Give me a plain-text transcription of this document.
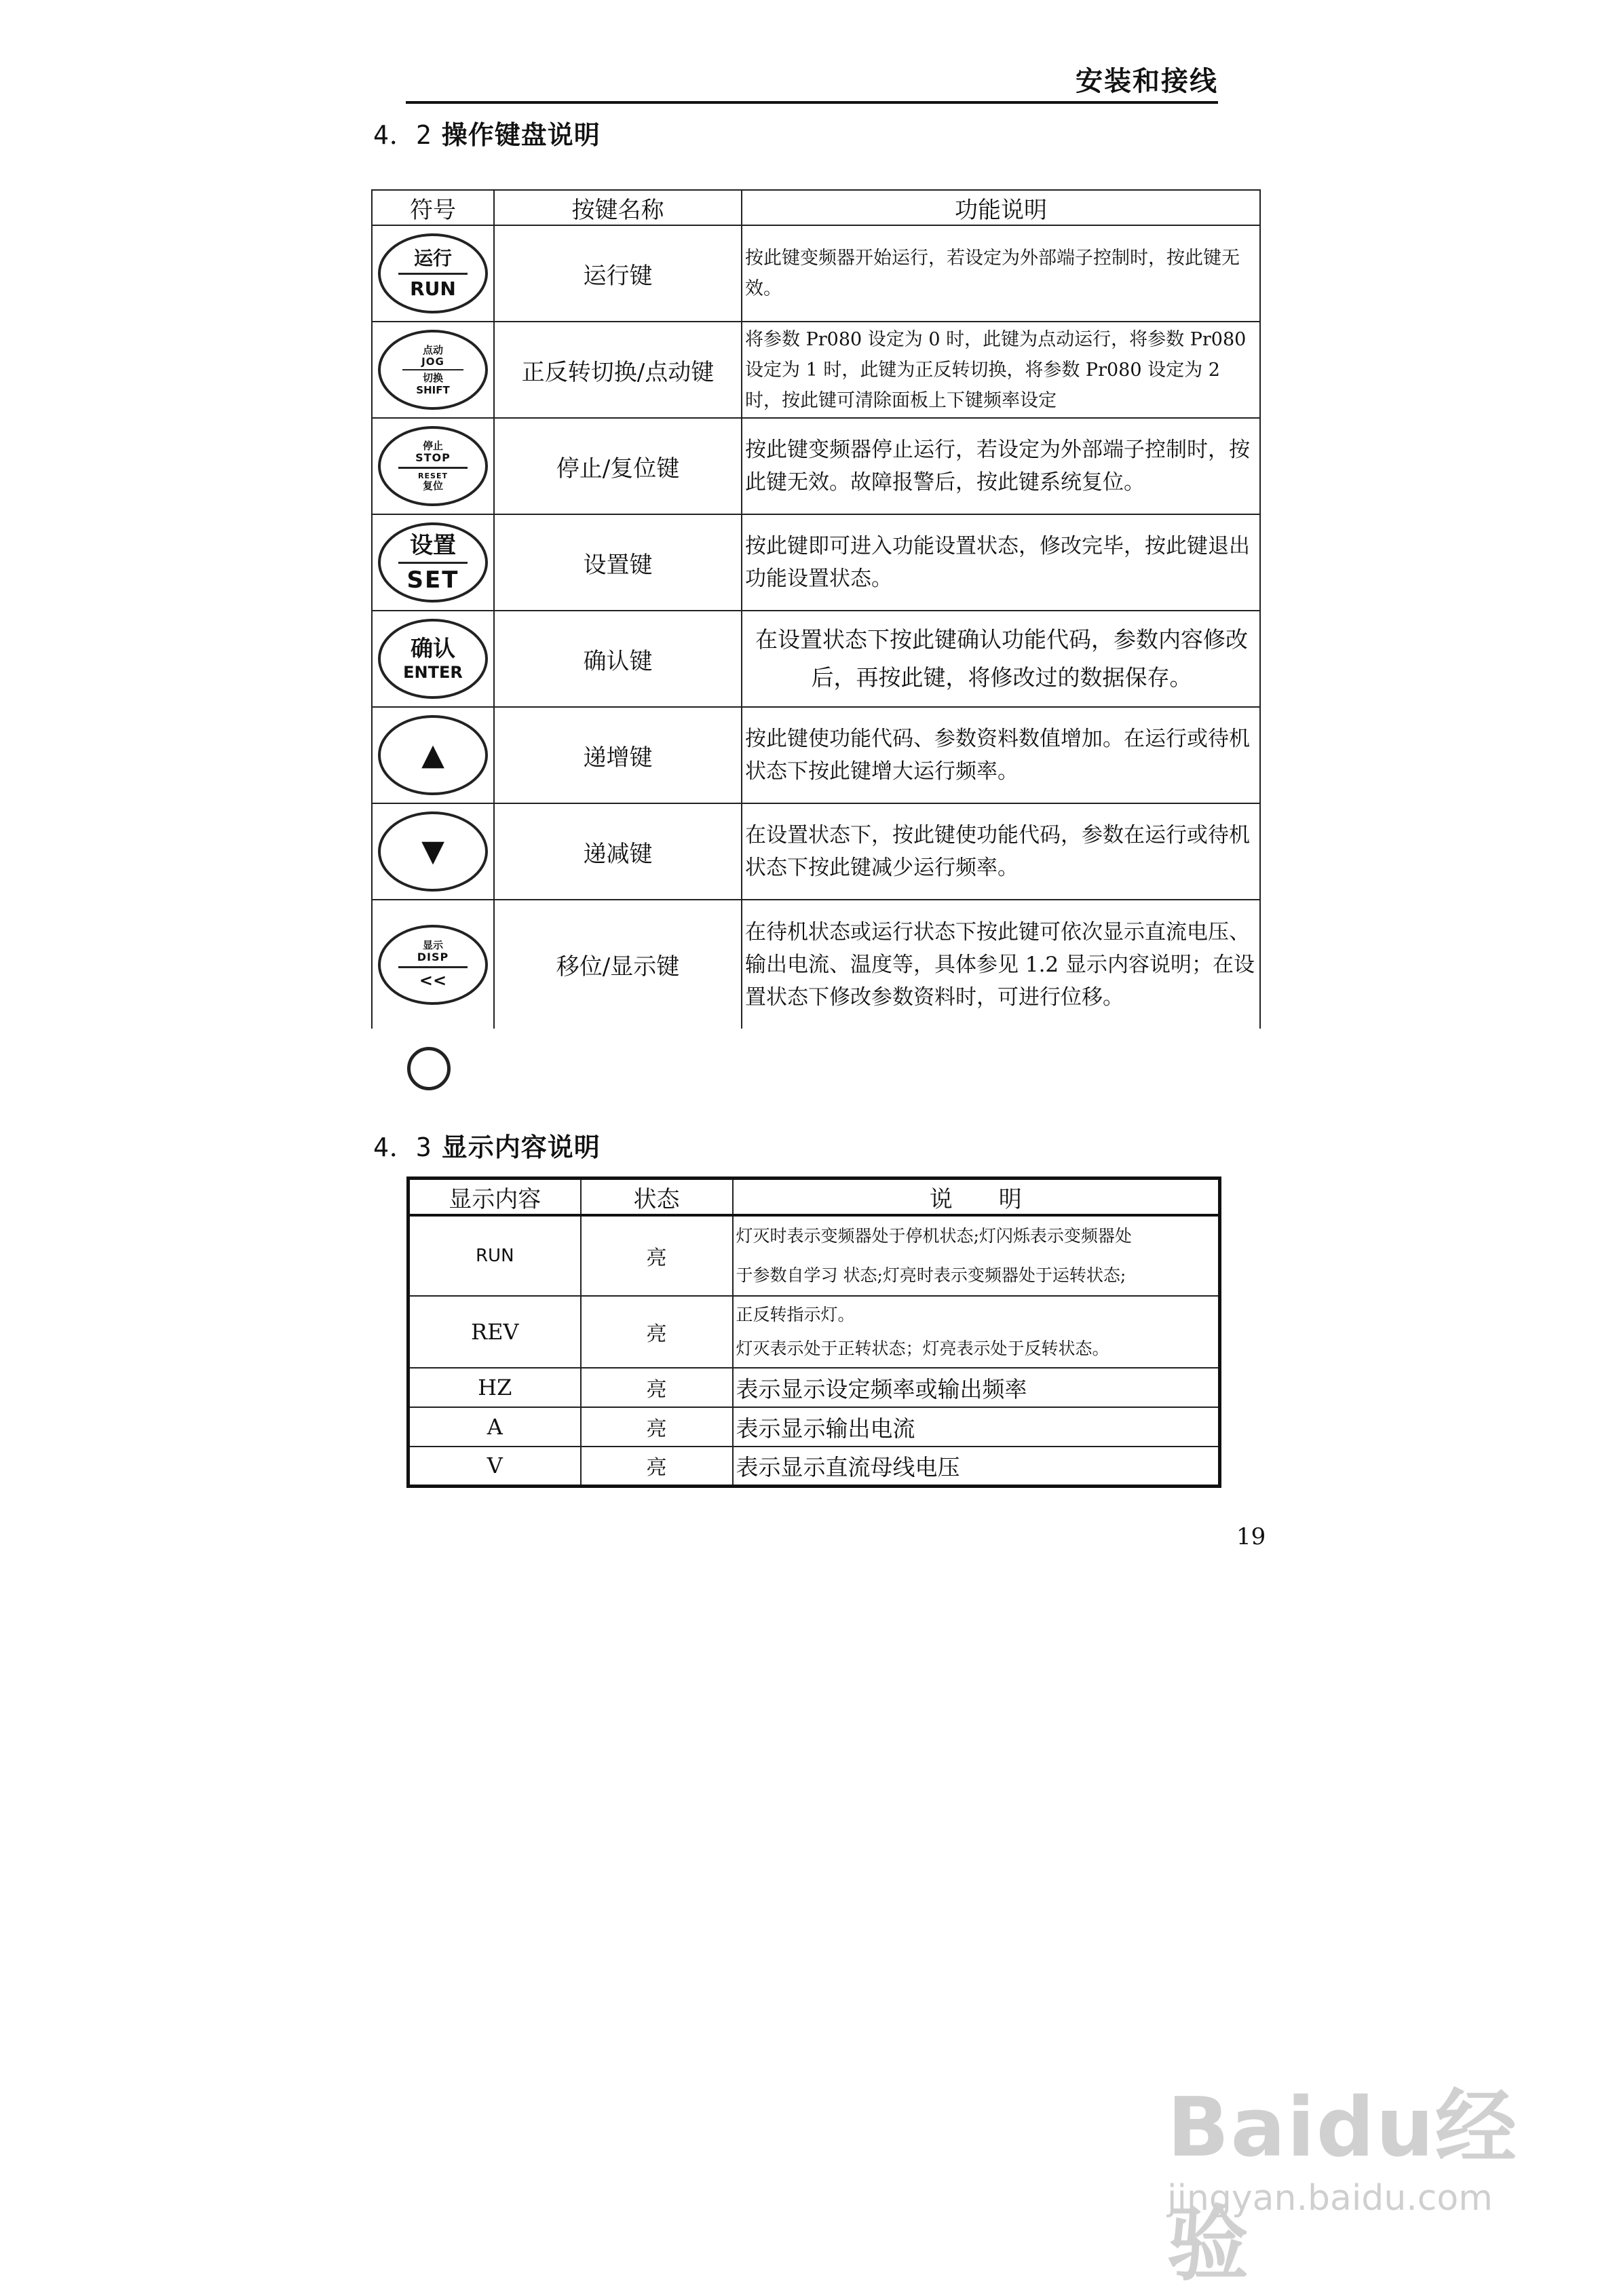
安装和接线
4．2 操作键盘说明
符号	按键名称	功能说明

运行
RUN	运行键	按此键变频器开始运行，若设定为外部端子控制时，按此键无效。

点动
JOG
切换
SHIFT	正反转切换/点动键	将参数 Pr080 设定为 0 时，此键为点动运行，将参数 Pr080 设定为 1 时，此键为正反转切换，将参数 Pr080 设定为 2 时，按此键可清除面板上下键频率设定

停止
STOP
RESET
复位	停止/复位键	按此键变频器停止运行，若设定为外部端子控制时，按此键无效。故障报警后，按此键系统复位。

设置
SET	设置键	按此键即可进入功能设置状态，修改完毕，按此键退出功能设置状态。

确认
ENTER	确认键	在设置状态下按此键确认功能代码，参数内容修改后，再按此键，将修改过的数据保存。

▲	递增键	按此键使功能代码、参数资料数值增加。在运行或待机状态下按此键增大运行频率。

▼	递减键	在设置状态下，按此键使功能代码，参数在运行或待机状态下按此键减少运行频率。

显示
DISP
<<	移位/显示键	在待机状态或运行状态下按此键可依次显示直流电压、输出电流、温度等，具体参见 1.2 显示内容说明；在设置状态下修改参数资料时，可进行位移。
4．3 显示内容说明
显示内容	状态	说　　明
RUN	亮	灯灭时表示变频器处于停机状态;灯闪烁表示变频器处
于参数自学习 状态;灯亮时表示变频器处于运转状态;

REV	亮	正反转指示灯。
灯灭表示处于正转状态；灯亮表示处于反转状态。

HZ	亮	表示显示设定频率或输出频率
A	亮	表示显示输出电流
V	亮	表示显示直流母线电压
19
Baidu经验
jingyan.baidu.com
